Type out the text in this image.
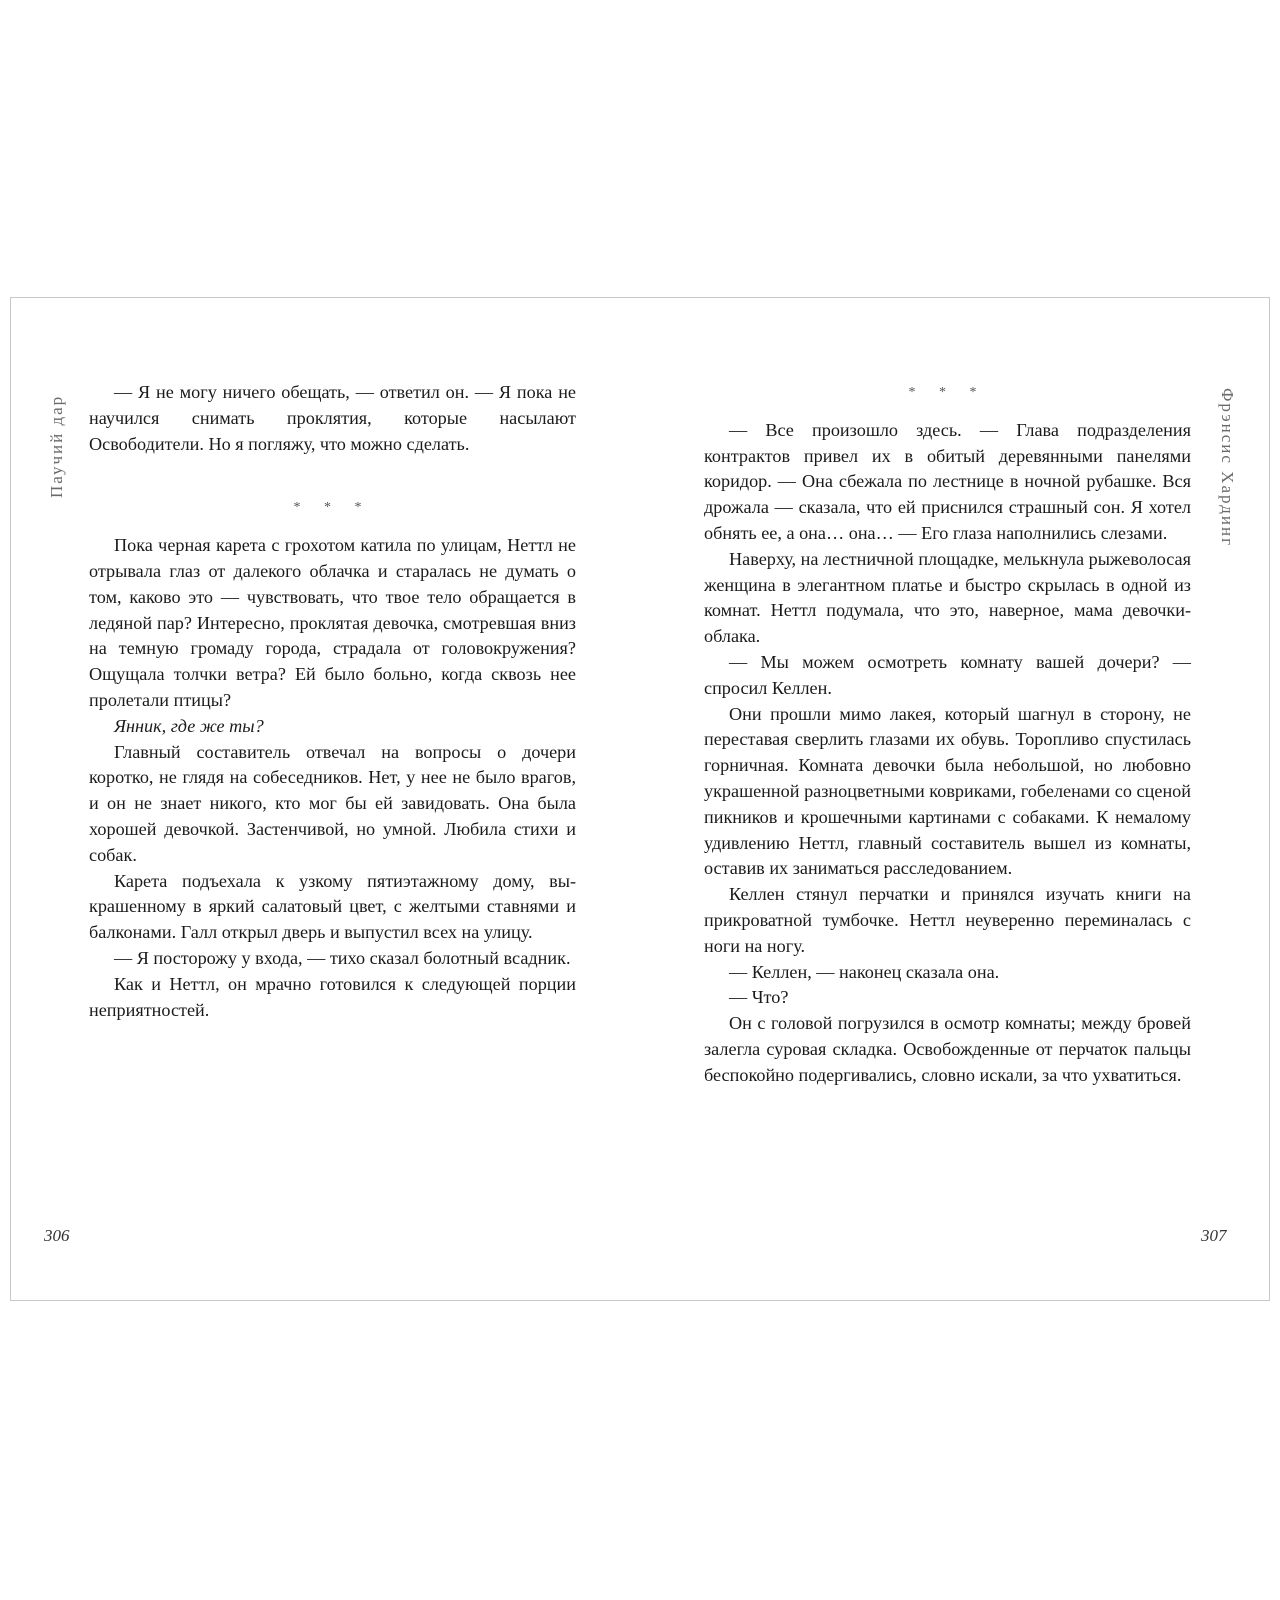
Паучий дар

— Я не могу ничего обещать, — ответил он. — Я пока не научился снимать проклятия, которые насылают Освободители. Но я погляжу, что можно сделать.

* * *

Пока черная карета с грохотом катила по улицам, Неттл не отрывала глаз от далекого облачка и старалась не думать о том, каково это — чувствовать, что твое тело обращается в ледяной пар? Интересно, проклятая девочка, смотревшая вниз на темную громаду города, страдала от головокружения? Ощущала толчки ветра? Ей было больно, когда сквозь нее пролетали птицы?

Янник, где же ты?

Главный составитель отвечал на вопросы о дочери коротко, не глядя на собеседников. Нет, у нее не было врагов, и он не знает никого, кто мог бы ей завидовать. Она была хорошей девочкой. Застенчивой, но умной. Любила стихи и собак.

Карета подъехала к узкому пятиэтажному дому, выкрашенному в яркий салатовый цвет, с желтыми ставнями и балконами. Галл открыл дверь и выпустил всех на улицу.

— Я посторожу у входа, — тихо сказал болотный всадник.

Как и Неттл, он мрачно готовился к следующей порции неприятностей.

306

* * *

— Все произошло здесь. — Глава подразделения контрактов привел их в обитый деревянными панелями коридор. — Она сбежала по лестнице в ночной рубашке. Вся дрожала — сказала, что ей приснился страшный сон. Я хотел обнять ее, а она… она… — Его глаза наполнились слезами.

Наверху, на лестничной площадке, мелькнула рыжеволосая женщина в элегантном платье и быстро скрылась в одной из комнат. Неттл подумала, что это, наверное, мама девочки-облака.

— Мы можем осмотреть комнату вашей дочери? — спросил Келлен.

Они прошли мимо лакея, который шагнул в сторону, не переставая сверлить глазами их обувь. Торопливо спустилась горничная. Комната девочки была небольшой, но любовно украшенной разноцветными ковриками, гобеленами со сценой пикников и крошечными картинами с собаками. К немалому удивлению Неттл, главный составитель вышел из комнаты, оставив их заниматься расследованием.

Келлен стянул перчатки и принялся изучать книги на прикроватной тумбочке. Неттл неуверенно переминалась с ноги на ногу.

— Келлен, — наконец сказала она.

— Что?

Он с головой погрузился в осмотр комнаты; между бровей залегла суровая складка. Освобожденные от перчаток пальцы беспокойно подергивались, словно искали, за что ухватиться.

Фрэнсис Хардинг
307
